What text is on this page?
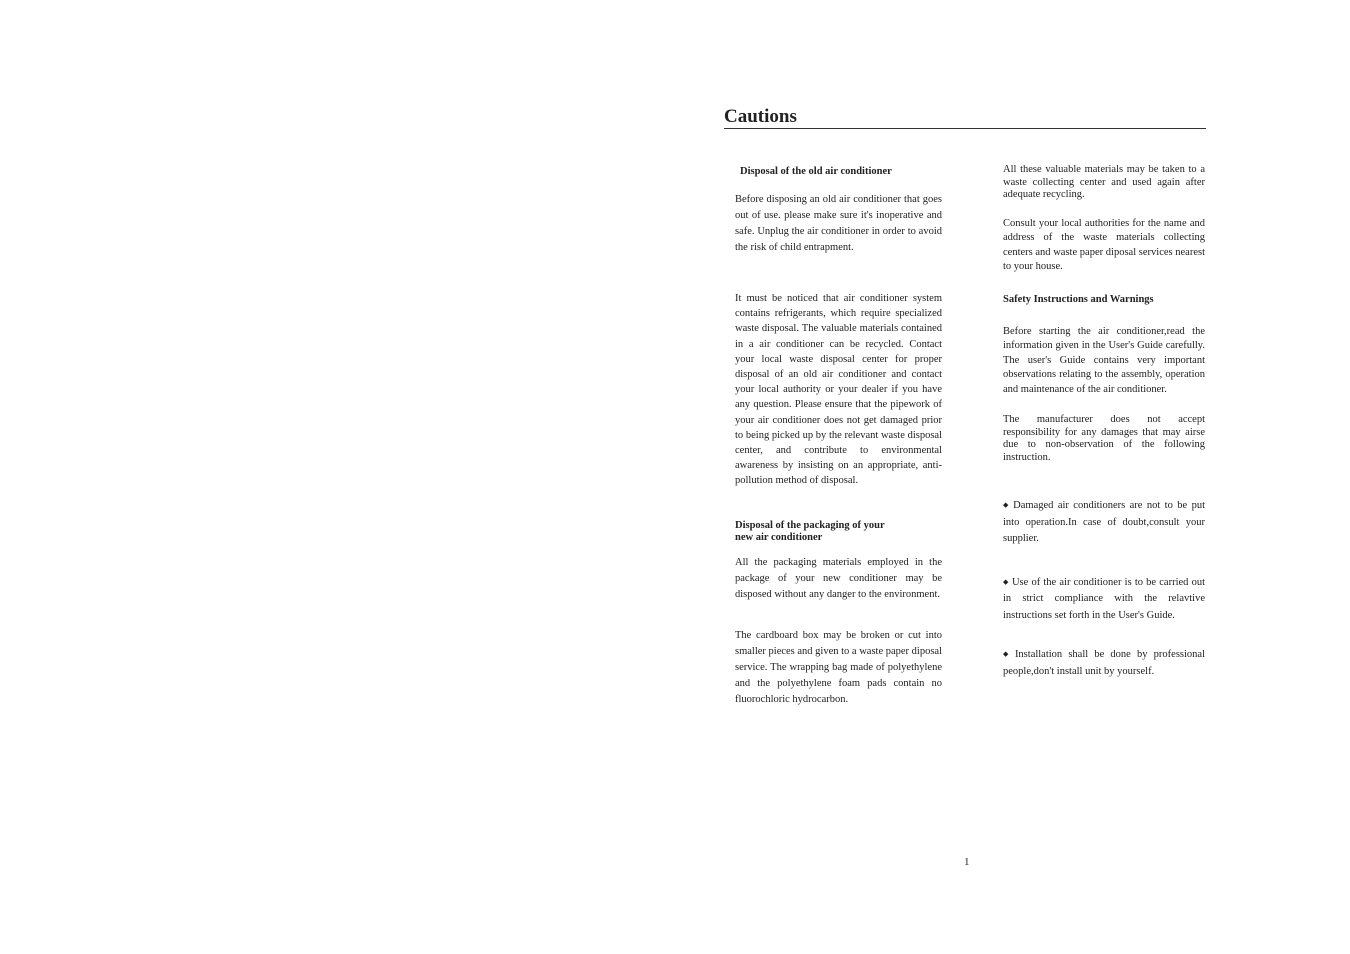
Cautions

Disposal of the old air conditioner

Before disposing an old air conditioner that goes out of use. please make sure it's inoperative and safe. Unplug the air conditioner in order to avoid the risk of child entrapment.

It must be noticed that air conditioner system contains refrigerants, which require specialized waste disposal. The valuable materials contained in a air conditioner can be recycled. Contact your local waste disposal center for proper disposal of an old air conditioner and contact your local authority or your dealer if you have any question. Please ensure that the pipework of your air conditioner does not get damaged prior to being picked up by the relevant waste disposal center, and contribute to environmental awareness by insisting on an appropriate, anti-pollution method of disposal.

Disposal of the packaging of your
new air conditioner

All the packaging materials employed in the package of your new conditioner may be disposed without any danger to the environment.

The cardboard box may be broken or cut into smaller pieces and given to a waste paper diposal service. The wrapping bag made of polyethylene and the polyethylene foam pads contain no fluorochloric hydrocarbon.

All these valuable materials may be taken to a waste collecting center and used again after adequate recycling.

Consult your local authorities for the name and address of the waste materials collecting centers and waste paper diposal services nearest to your house.

Safety Instructions and Warnings

Before starting the air conditioner,read the information given in the User's Guide carefully. The user's Guide contains very important observations relating to the assembly, operation and maintenance of the air conditioner.

The manufacturer does not accept responsibility for any damages that may airse due to non-observation of the following instruction.

◆ Damaged air conditioners are not to be put into operation.In case of doubt,consult your supplier.

◆ Use of the air conditioner is to be carried out in strict compliance with the relavtive instructions set forth in the User's Guide.

◆ Installation shall be done by professional people,don't install unit by yourself.

1
